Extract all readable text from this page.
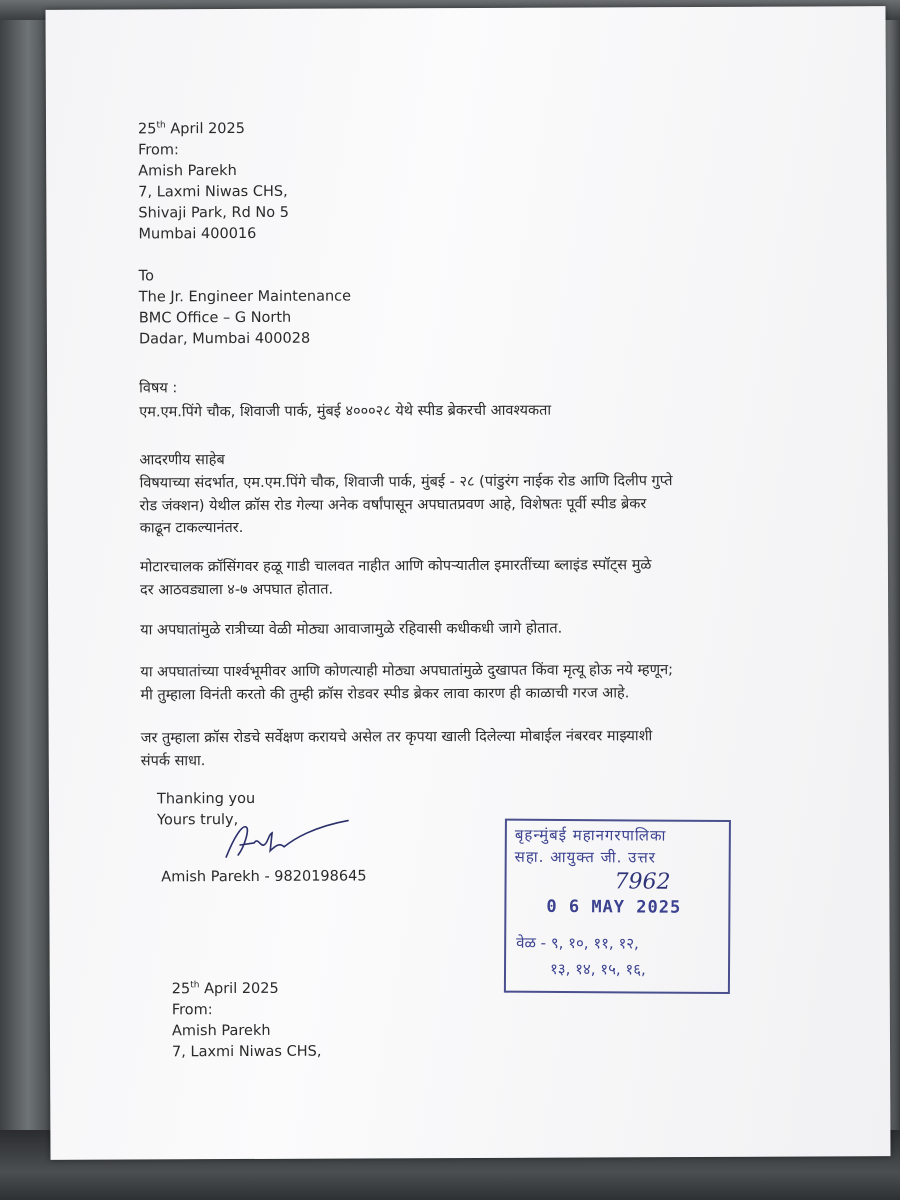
25th April 2025
From:
Amish Parekh
7, Laxmi Niwas CHS,
Shivaji Park, Rd No 5
Mumbai 400016
To
The Jr. Engineer Maintenance
BMC Office – G North
Dadar, Mumbai 400028
विषय :
एम.एम.पिंगे चौक, शिवाजी पार्क, मुंबई ४०००२८ येथे स्पीड ब्रेकरची आवश्यकता
आदरणीय साहेब
विषयाच्या संदर्भात, एम.एम.पिंगे चौक, शिवाजी पार्क, मुंबई - २८ (पांडुरंग नाईक रोड आणि दिलीप गुप्ते
रोड जंक्शन) येथील क्रॉस रोड गेल्या अनेक वर्षांपासून अपघातप्रवण आहे, विशेषतः पूर्वी स्पीड ब्रेकर
काढून टाकल्यानंतर.
मोटारचालक क्रॉसिंगवर हळू गाडी चालवत नाहीत आणि कोपऱ्यातील इमारतींच्या ब्लाइंड स्पॉट्स मुळे
दर आठवड्याला ४-७ अपघात होतात.
या अपघातांमुळे रात्रीच्या वेळी मोठ्या आवाजामुळे रहिवासी कधीकधी जागे होतात.
या अपघातांच्या पार्श्वभूमीवर आणि कोणत्याही मोठ्या अपघातांमुळे दुखापत किंवा मृत्यू होऊ नये म्हणून;
मी तुम्हाला विनंती करतो की तुम्ही क्रॉस रोडवर स्पीड ब्रेकर लावा कारण ही काळाची गरज आहे.
जर तुम्हाला क्रॉस रोडचे सर्वेक्षण करायचे असेल तर कृपया खाली दिलेल्या मोबाईल नंबरवर माझ्याशी
संपर्क साधा.
Thanking you
Yours truly,
Amish Parekh - 9820198645
बृहन्मुंबई महानगरपालिका
सहा. आयुक्त जी. उत्तर
7962
0 6 MAY 2025
वेळ - ९, १०, ११, १२,
१३, १४, १५, १६,
25th April 2025
From:
Amish Parekh
7, Laxmi Niwas CHS,
